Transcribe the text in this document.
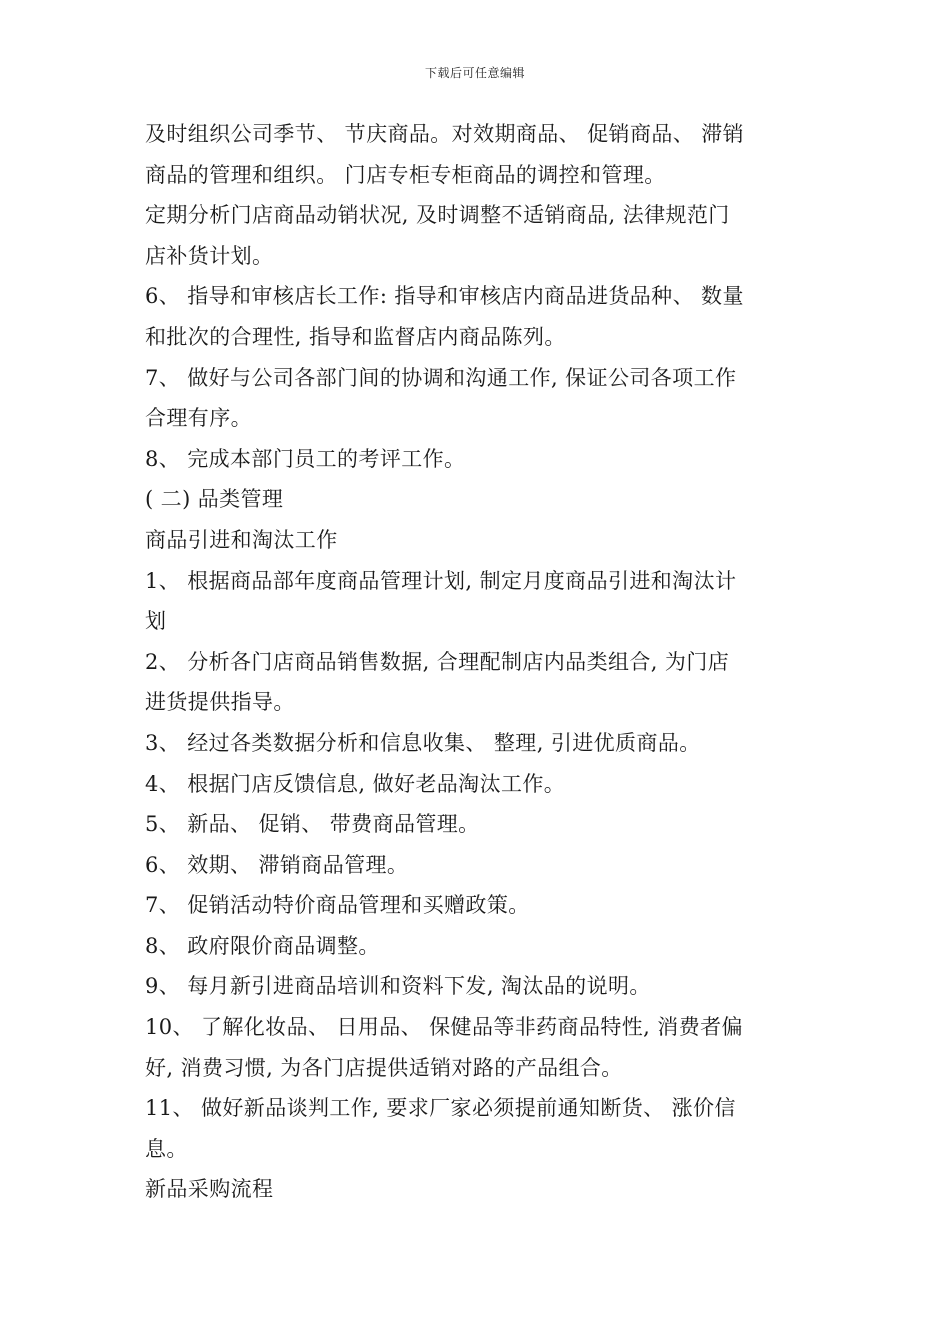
下载后可任意编辑
及时组织公司季节、 节庆商品。对效期商品、 促销商品、 滞销
商品的管理和组织。 门店专柜专柜商品的调控和管理。
定期分析门店商品动销状况, 及时调整不适销商品, 法律规范门
店补货计划。
6、 指导和审核店长工作: 指导和审核店内商品进货品种、 数量
和批次的合理性, 指导和监督店内商品陈列。
7、 做好与公司各部门间的协调和沟通工作, 保证公司各项工作
合理有序。
8、 完成本部门员工的考评工作。
( 二) 品类管理
商品引进和淘汰工作
1、 根据商品部年度商品管理计划, 制定月度商品引进和淘汰计
划
2、 分析各门店商品销售数据, 合理配制店内品类组合, 为门店
进货提供指导。
3、 经过各类数据分析和信息收集、 整理, 引进优质商品。
4、 根据门店反馈信息, 做好老品淘汰工作。
5、 新品、 促销、 带费商品管理。
6、 效期、 滞销商品管理。
7、 促销活动特价商品管理和买赠政策。
8、 政府限价商品调整。
9、 每月新引进商品培训和资料下发, 淘汰品的说明。
10、 了解化妆品、 日用品、 保健品等非药商品特性, 消费者偏
好, 消费习惯, 为各门店提供适销对路的产品组合。
11、 做好新品谈判工作, 要求厂家必须提前通知断货、 涨价信
息。
新品采购流程
